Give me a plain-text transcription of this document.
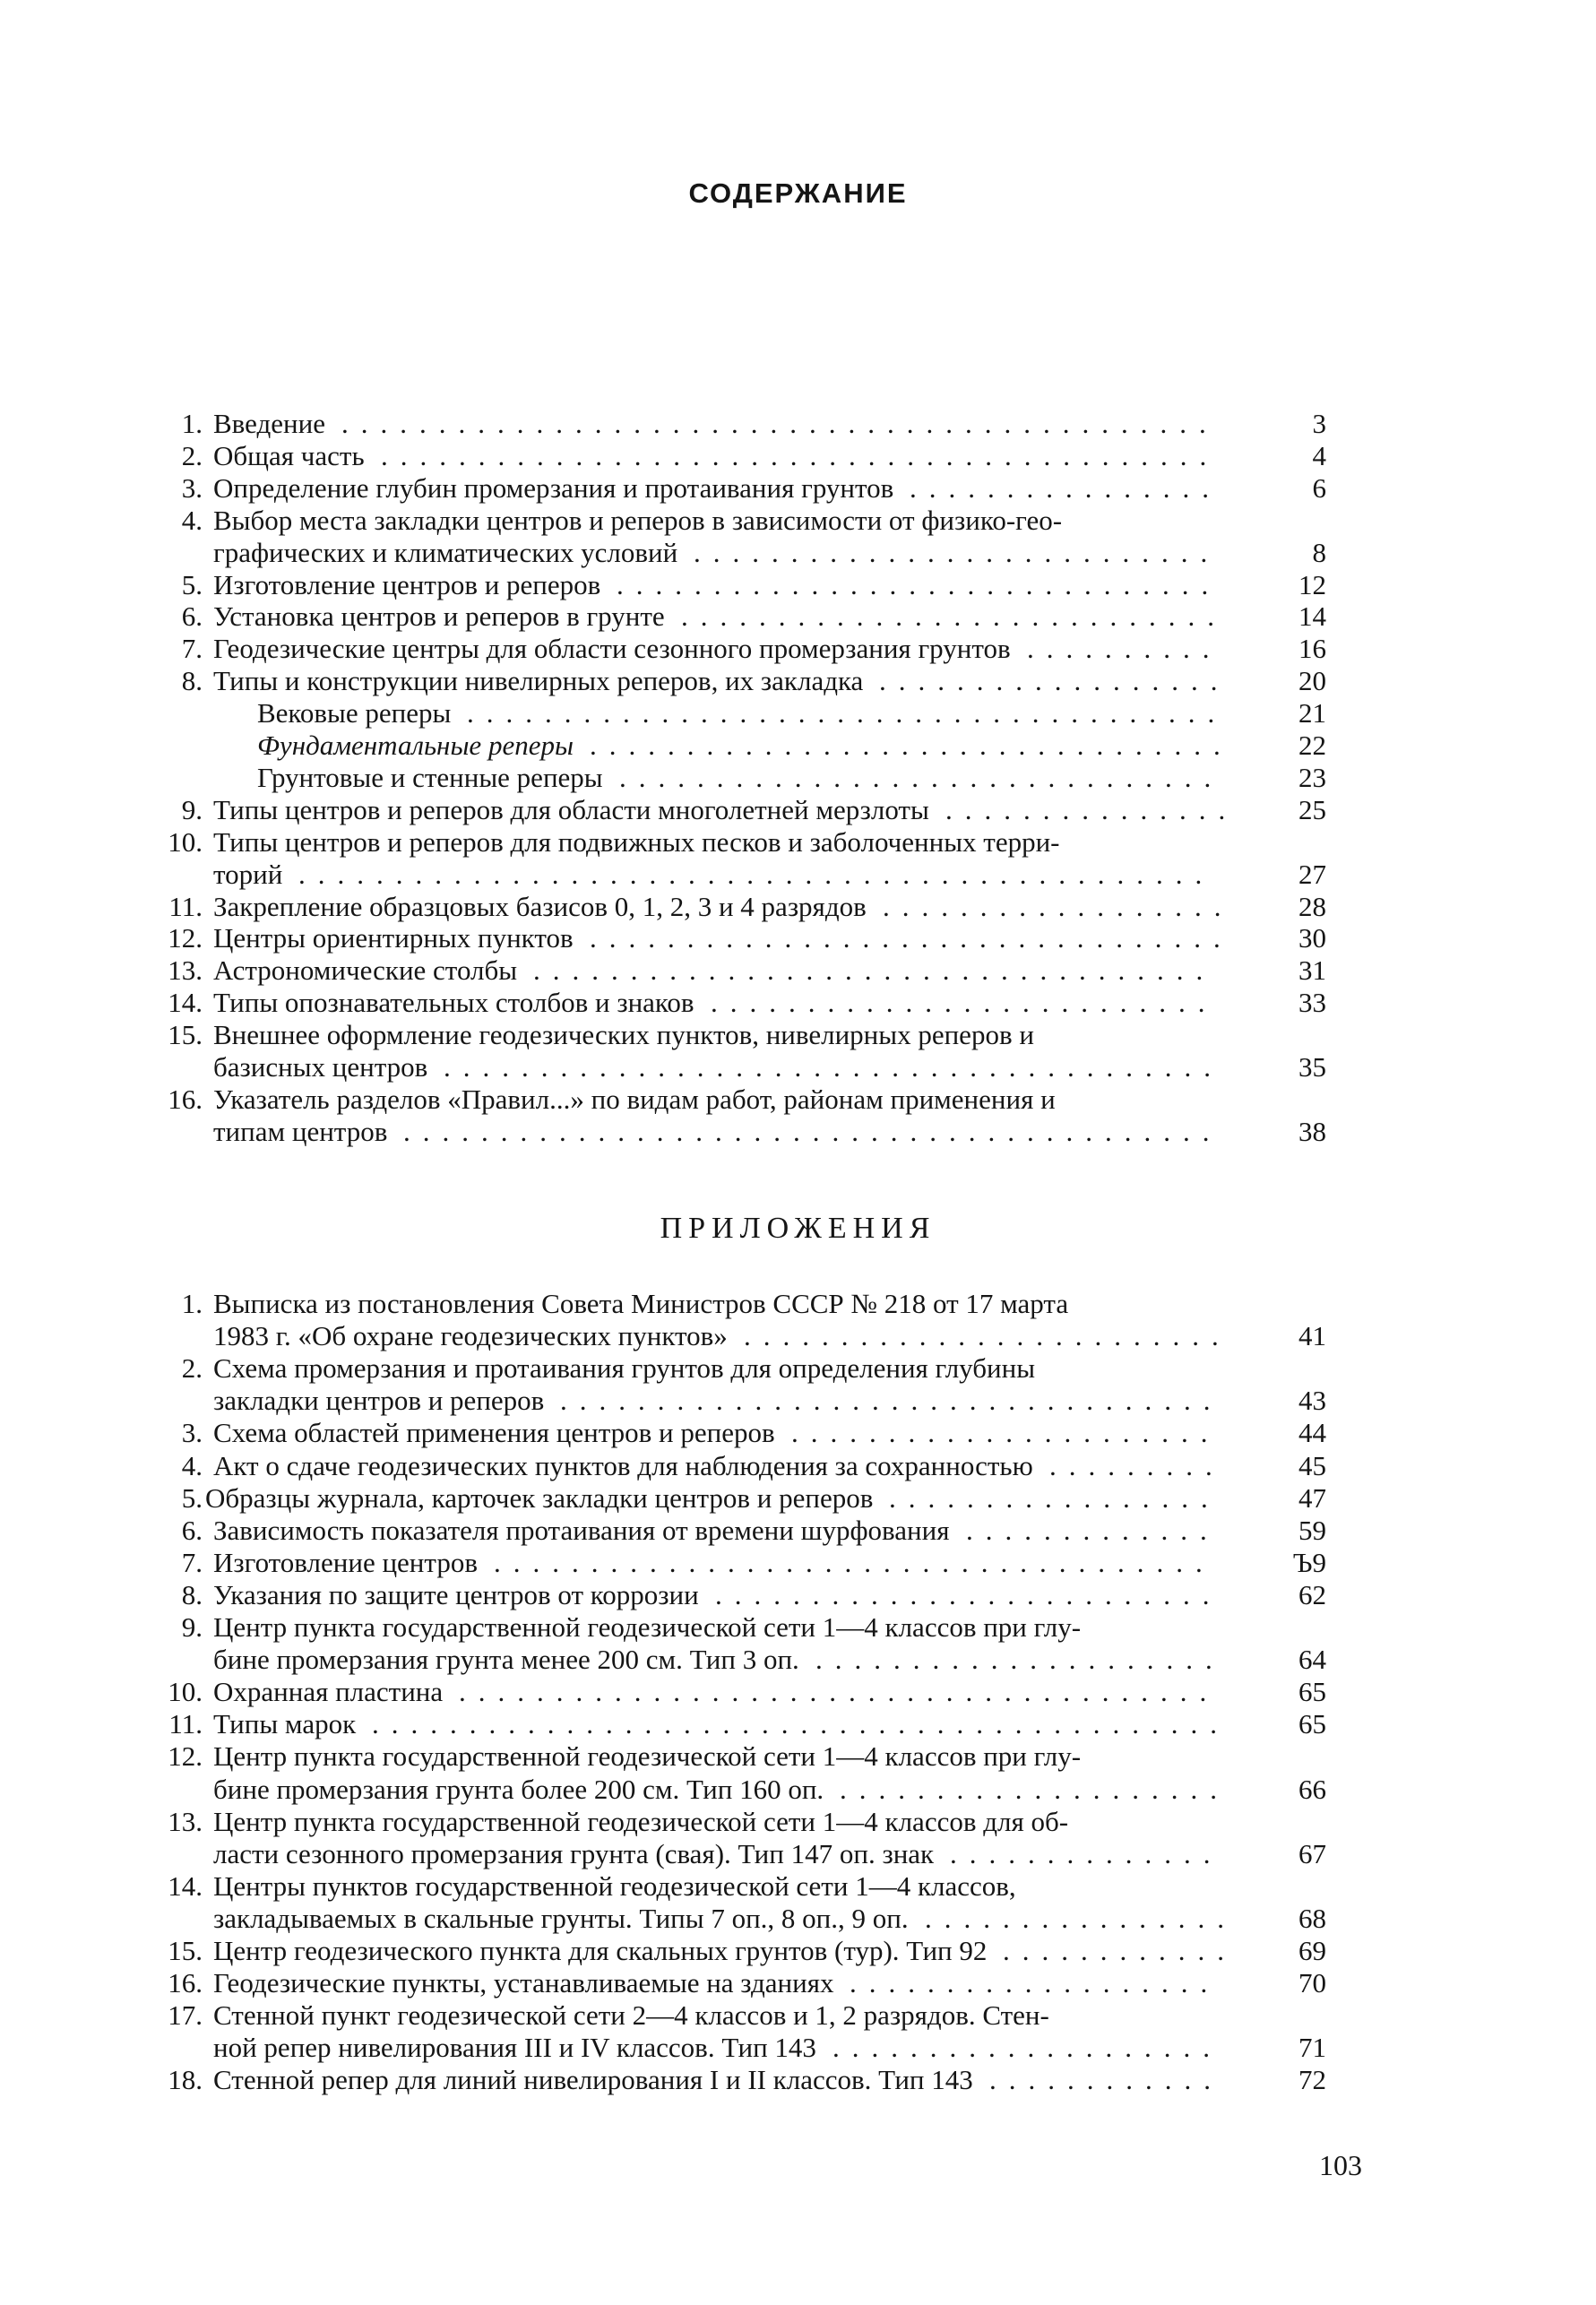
СОДЕРЖАНИЕ
1. Введение	3
.............................................
2. Общая часть	4
...........................................
3. Определение глубин промерзания и протаивания грунтов	6
................
4. Выбор места закладки центров и реперов в зависимости от физико-гео-
графических и климатических условий	8
...........................
5. Изготовление центров и реперов	12
...............................
6. Установка центров и реперов в грунте	14
............................
7. Геодезические центры для области сезонного промерзания грунтов	16
..........
8. Типы и конструкции нивелирных реперов, их закладка	20
..................
Вековые реперы	21
.......................................
Фундаментальные реперы	22
.................................
Грунтовые и стенные реперы	23
...............................
9. Типы центров и реперов для области многолетней мерзлоты	25
...............
10. Типы центров и реперов для подвижных песков и заболоченных терри-
торий	27
...............................................
11. Закрепление образцовых базисов 0, 1, 2, 3 и 4 разрядов	28
..................
12. Центры ориентирных пунктов	30
.................................
13. Астрономические столбы	31
...................................
14. Типы опознавательных столбов и знаков	33
..........................
15. Внешнее оформление геодезических пунктов, нивелирных реперов и
базисных центров	35
........................................
16. Указатель разделов «Правил...» по видам работ, районам применения и
типам центров	38
..........................................
ПРИЛОЖЕНИЯ
1. Выписка из постановления Совета Министров СССР № 218 от 17 марта
1983 г. «Об охране геодезических пунктов»	41
.........................
2. Схема промерзания и протаивания грунтов для определения глубины
закладки центров и реперов	43
..................................
3. Схема областей применения центров и реперов	44
......................
4. Акт о сдаче геодезических пунктов для наблюдения за сохранностью	45
.........
5. Образцы журнала, карточек закладки центров и реперов	47
.................
6. Зависимость показателя протаивания от времени шурфования	59
.............
7. Изготовление центров	Ъ9
.....................................
8. Указания по защите центров от коррозии	62
..........................
9. Центр пункта государственной геодезической сети 1—4 классов при глу-
бине промерзания грунта менее 200 см. Тип 3 оп.	64
.....................
10. Охранная пластина	65
.......................................
11. Типы марок	65
............................................
12. Центр пункта государственной геодезической сети 1—4 классов при глу-
бине промерзания грунта более 200 см. Тип 160 оп.	66
....................
13. Центр пункта государственной геодезической сети 1—4 классов для об-
ласти сезонного промерзания грунта (свая). Тип 147 оп. знак	67
..............
14. Центры пунктов государственной геодезической сети 1—4 классов,
закладываемых в скальные грунты. Типы 7 оп., 8 оп., 9 оп.	68
................
15. Центр геодезического пункта для скальных грунтов (тур). Тип 92	69
............
16. Геодезические пункты, устанавливаемые на зданиях	70
...................
17. Стенной пункт геодезической сети 2—4 классов и 1, 2 разрядов. Стен-
ной репер нивелирования III и IV классов. Тип 143	71
....................
18. Стенной репер для линий нивелирования I и II классов. Тип 143	72
............
103
